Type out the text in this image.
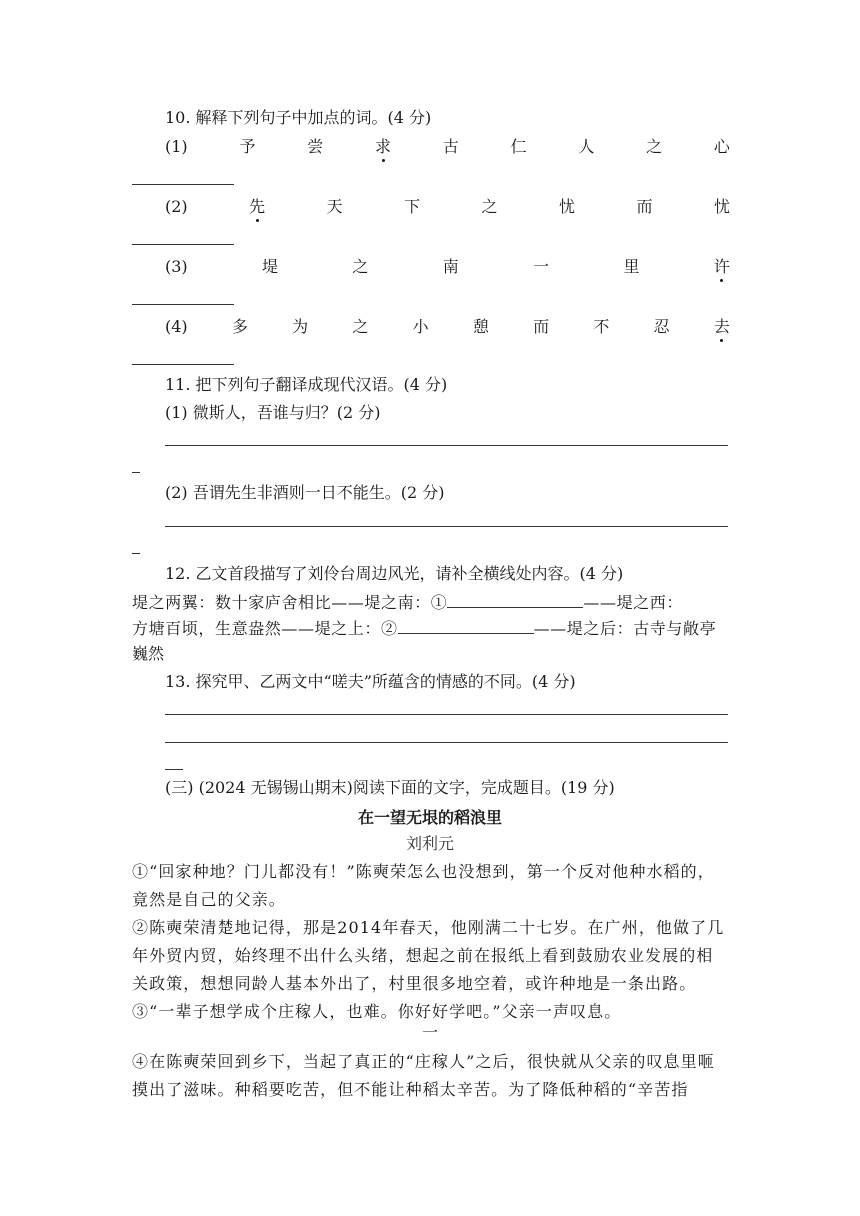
10. 解释下列句子中加点的词。(4 分)
(1)	予	尝	求	古	仁	人	之	心
(2)	先	天	下	之	忧	而	忧
(3)	堤	之	南	一	里	许
(4)	多	为	之	小	憩	而	不	忍	去
11. 把下列句子翻译成现代汉语。(4 分)
(1) 微斯人，吾谁与归？(2 分)
(2) 吾谓先生非酒则一日不能生。(2 分)
12. 乙文首段描写了刘伶台周边风光，请补全横线处内容。(4 分)
堤之两翼：数十家庐舍相比——堤之南：①	——堤之西：
方塘百顷，生意盎然——堤之上：②	——堤之后：古寺与敞亭
巍然
13. 探究甲、乙两文中“嗟夫”所蕴含的情感的不同。(4 分)
(三) (2024 无锡锡山期末)阅读下面的文字，完成题目。(19 分)
在一望无垠的稻浪里
刘利元
①“回家种地？门儿都没有！”陈奭荣怎么也没想到，第一个反对他种水稻的，竟然是自己的父亲。
②陈奭荣清楚地记得，那是2014年春天，他刚满二十七岁。在广州，他做了几年外贸内贸，始终理不出什么头绪，想起之前在报纸上看到鼓励农业发展的相关政策，想想同龄人基本外出了，村里很多地空着，或许种地是一条出路。
③“一辈子想学成个庄稼人，也难。你好好学吧。”父亲一声叹息。
一
④在陈奭荣回到乡下，当起了真正的“庄稼人”之后，很快就从父亲的叹息里咂摸出了滋味。种稻要吃苦，但不能让种稻太辛苦。为了降低种稻的“辛苦指
